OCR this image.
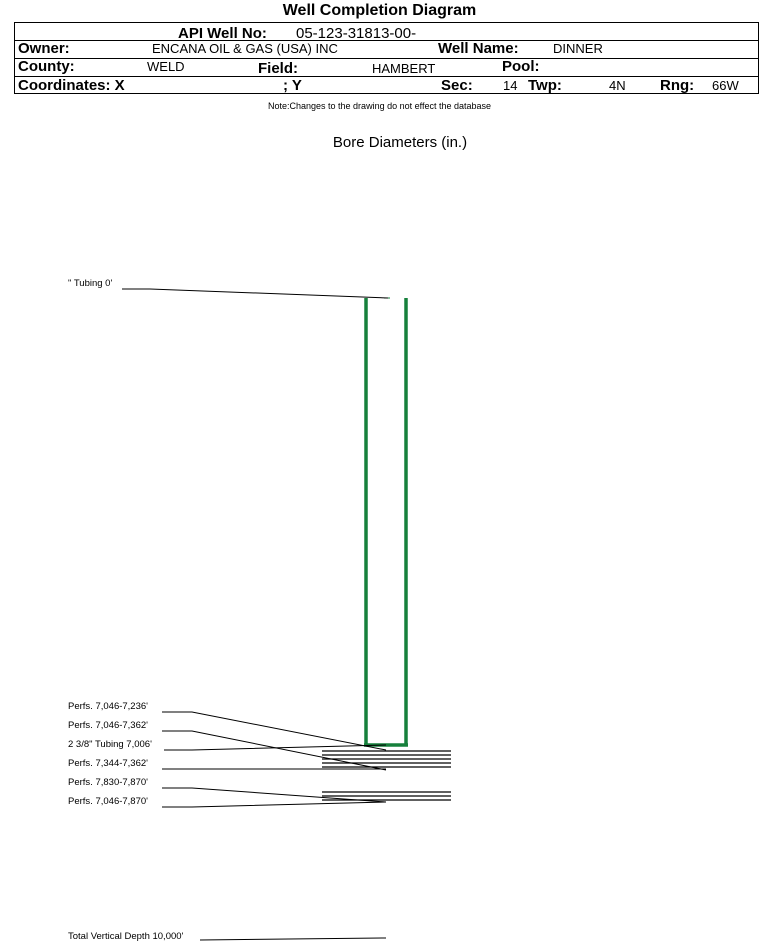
Well Completion Diagram
API Well No: 05-123-31813-00-
Owner:	ENCANA OIL & GAS (USA) INC	Well Name:	DINNER
County:	WELD	Field:	HAMBERT	Pool:
Coordinates: X	; Y	Sec: 14 Twp:	4N Rng: 66W
Note:Changes to the drawing do not effect the database
Bore Diameters (in.)
" Tubing 0'
Perfs. 7,046-7,236'
Perfs. 7,046-7,362'
2 3/8" Tubing 7,006'
Perfs. 7,344-7,362'
Perfs. 7,830-7,870'
Perfs. 7,046-7,870'
Total Vertical Depth 10,000'
